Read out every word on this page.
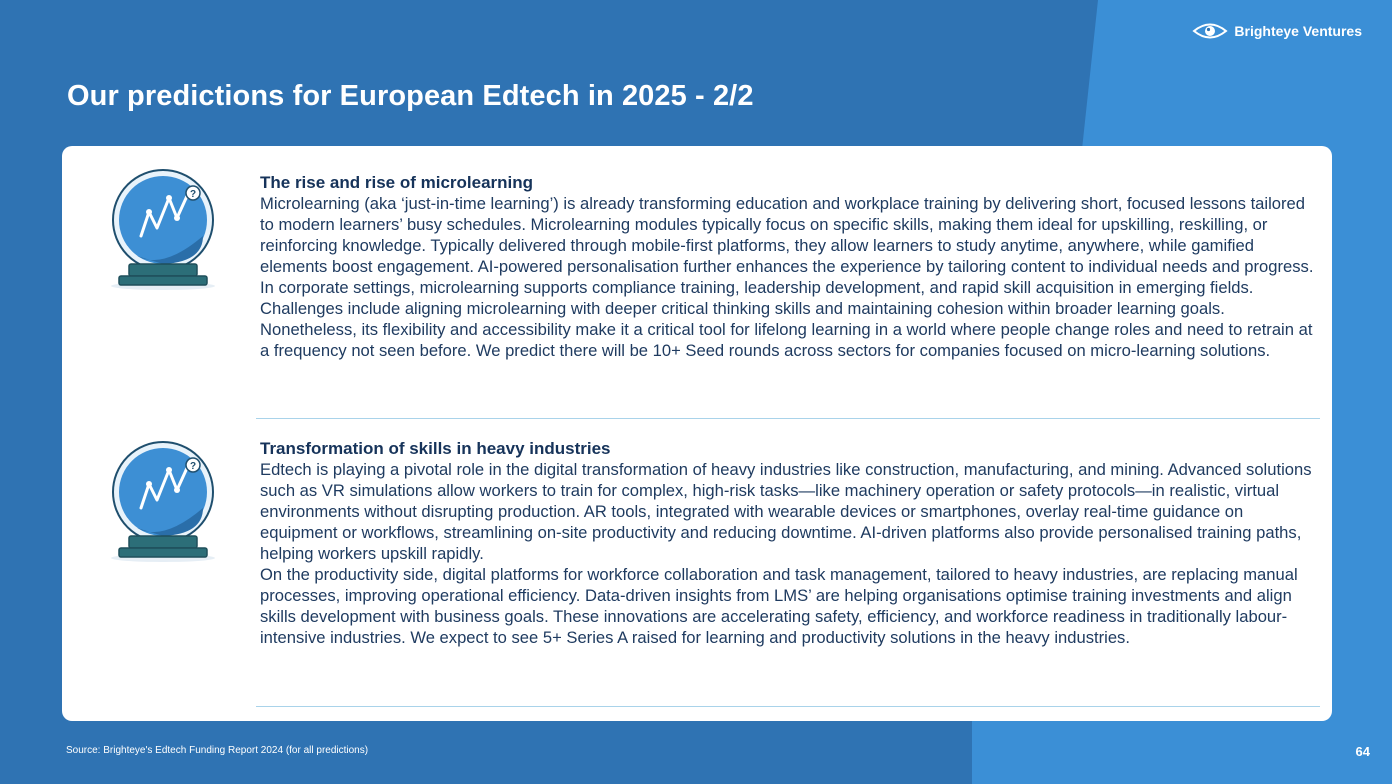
Brighteye Ventures
Our predictions for European Edtech in 2025 - 2/2
?

The rise and rise of microlearning

Microlearning (aka ‘just-in-time learning’) is already transforming education and workplace training by delivering short, focused lessons tailored to modern learners’ busy schedules. Microlearning modules typically focus on specific skills, making them ideal for upskilling, reskilling, or reinforcing knowledge. Typically delivered through mobile-first platforms, they allow learners to study anytime, anywhere, while gamified elements boost engagement. AI-powered personalisation further enhances the experience by tailoring content to individual needs and progress. In corporate settings, microlearning supports compliance training, leadership development, and rapid skill acquisition in emerging fields. Challenges include aligning microlearning with deeper critical thinking skills and maintaining cohesion within broader learning goals. Nonetheless, its flexibility and accessibility make it a critical tool for lifelong learning in a world where people change roles and need to retrain at a frequency not seen before. We predict there will be 10+ Seed rounds across sectors for companies focused on micro-learning solutions.

?

Transformation of skills in heavy industries

Edtech is playing a pivotal role in the digital transformation of heavy industries like construction, manufacturing, and mining. Advanced solutions such as VR simulations allow workers to train for complex, high-risk tasks—like machinery operation or safety protocols—in realistic, virtual environments without disrupting production. AR tools, integrated with wearable devices or smartphones, overlay real-time guidance on equipment or workflows, streamlining on-site productivity and reducing downtime. AI-driven platforms also provide personalised training paths, helping workers upskill rapidly.

On the productivity side, digital platforms for workforce collaboration and task management, tailored to heavy industries, are replacing manual processes, improving operational efficiency. Data-driven insights from LMS’ are helping organisations optimise training investments and align skills development with business goals. These innovations are accelerating safety, efficiency, and workforce readiness in traditionally labour-intensive industries. We expect to see 5+ Series A raised for learning and productivity solutions in the heavy industries.

Source: Brighteye's Edtech Funding Report 2024 (for all predictions)	64
